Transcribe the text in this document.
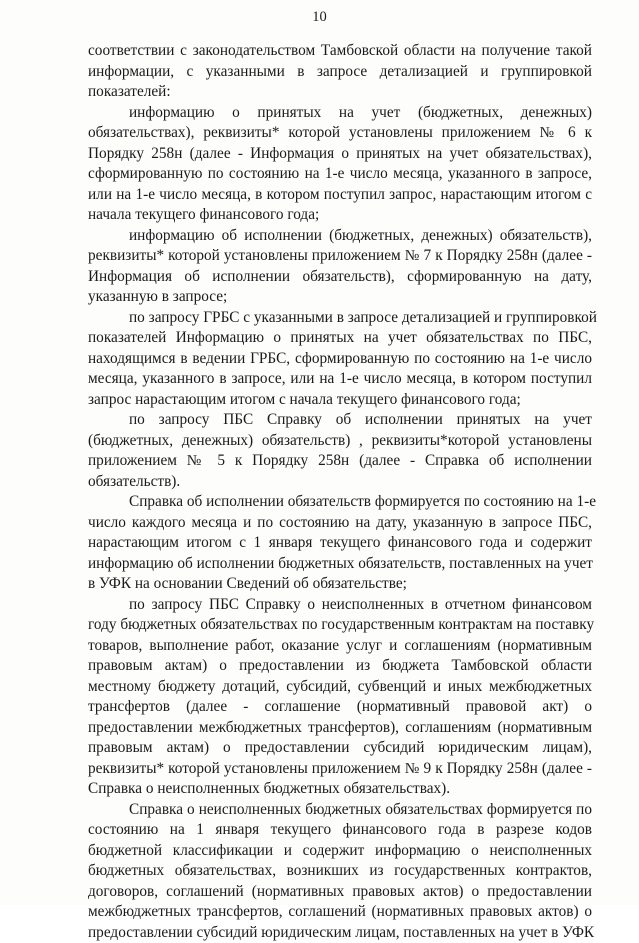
10
соответствии с законодательством Тамбовской области на получение такой
информации, с указанными в запросе детализацией и группировкой
показателей:
информацию о принятых на учет (бюджетных, денежных)
обязательствах), реквизиты* которой установлены приложением № 6 к
Порядку 258н (далее - Информация о принятых на учет обязательствах),
сформированную по состоянию на 1-е число месяца, указанного в запросе,
или на 1-е число месяца, в котором поступил запрос, нарастающим итогом с
начала текущего финансового года;
информацию об исполнении (бюджетных, денежных) обязательств),
реквизиты* которой установлены приложением № 7 к Порядку 258н (далее -
Информация об исполнении обязательств), сформированную на дату,
указанную в запросе;
по запросу ГРБС с указанными в запросе детализацией и группировкой
показателей Информацию о принятых на учет обязательствах по ПБС,
находящимся в ведении ГРБС, сформированную по состоянию на 1-е число
месяца, указанного в запросе, или на 1-е число месяца, в котором поступил
запрос нарастающим итогом с начала текущего финансового года;
по запросу ПБС Справку об исполнении принятых на учет
(бюджетных, денежных) обязательств) , реквизиты*которой установлены
приложением № 5 к Порядку 258н (далее - Справка об исполнении
обязательств).
Справка об исполнении обязательств формируется по состоянию на 1-е
число каждого месяца и по состоянию на дату, указанную в запросе ПБС,
нарастающим итогом с 1 января текущего финансового года и содержит
информацию об исполнении бюджетных обязательств, поставленных на учет
в УФК на основании Сведений об обязательстве;
по запросу ПБС Справку о неисполненных в отчетном финансовом
году бюджетных обязательствах по государственным контрактам на поставку
товаров, выполнение работ, оказание услуг и соглашениям (нормативным
правовым актам) о предоставлении из бюджета Тамбовской области
местному бюджету дотаций, субсидий, субвенций и иных межбюджетных
трансфертов (далее - соглашение (нормативный правовой акт) о
предоставлении межбюджетных трансфертов), соглашениям (нормативным
правовым актам) о предоставлении субсидий юридическим лицам),
реквизиты* которой установлены приложением № 9 к Порядку 258н (далее -
Справка о неисполненных бюджетных обязательствах).
Справка о неисполненных бюджетных обязательствах формируется по
состоянию на 1 января текущего финансового года в разрезе кодов
бюджетной классификации и содержит информацию о неисполненных
бюджетных обязательствах, возникших из государственных контрактов,
договоров, соглашений (нормативных правовых актов) о предоставлении
межбюджетных трансфертов, соглашений (нормативных правовых актов) о
предоставлении субсидий юридическим лицам, поставленных на учет в УФК
